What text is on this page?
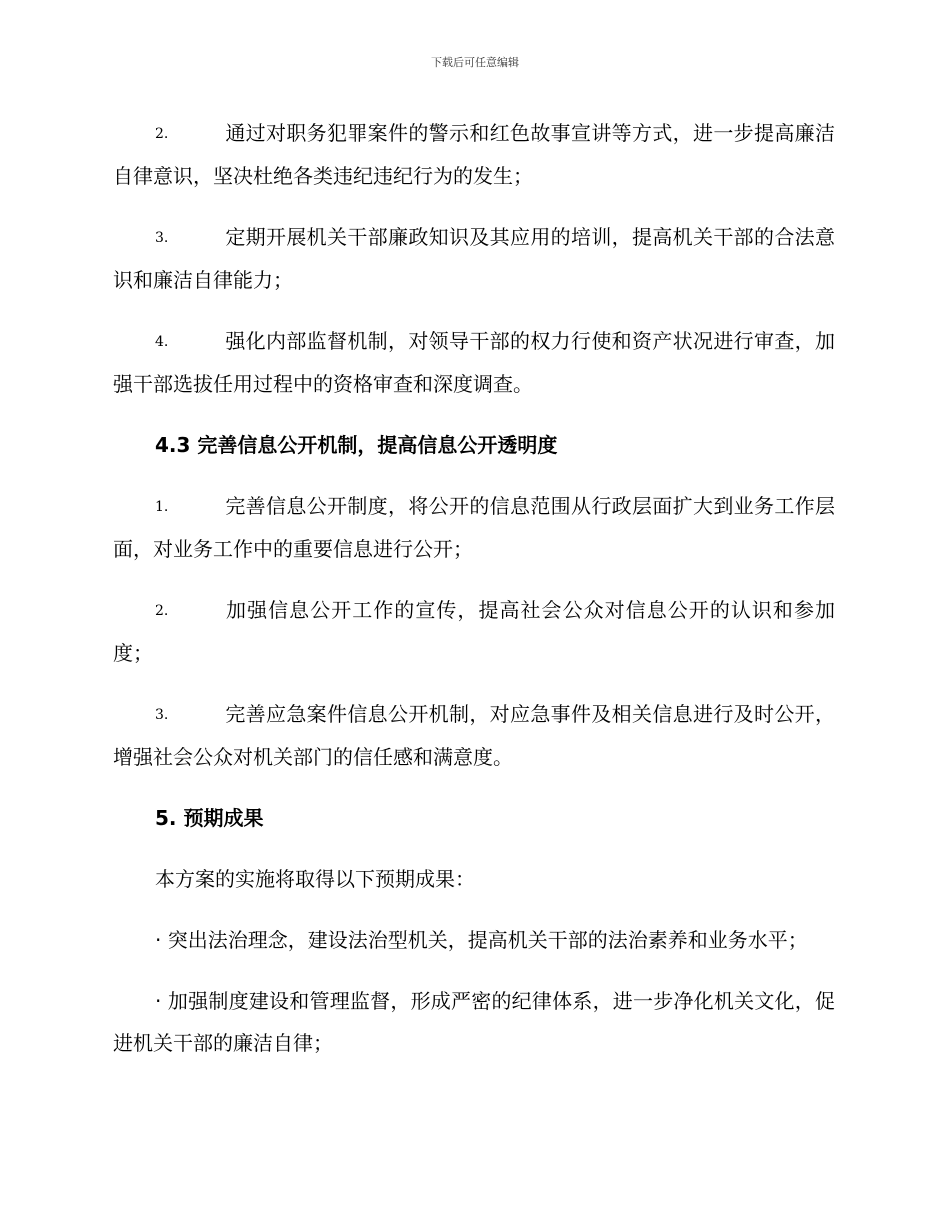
下载后可任意编辑

2.	通过对职务犯罪案件的警示和红色故事宣讲等方式，进一步提高廉洁自律意识，坚决杜绝各类违纪违纪行为的发生；

3.	定期开展机关干部廉政知识及其应用的培训，提高机关干部的合法意识和廉洁自律能力；

4.	强化内部监督机制，对领导干部的权力行使和资产状况进行审查，加强干部选拔任用过程中的资格审查和深度调查。

4.3 完善信息公开机制，提高信息公开透明度

1.	完善信息公开制度，将公开的信息范围从行政层面扩大到业务工作层面，对业务工作中的重要信息进行公开；

2.	加强信息公开工作的宣传，提高社会公众对信息公开的认识和参加度；

3.	完善应急案件信息公开机制，对应急事件及相关信息进行及时公开，增强社会公众对机关部门的信任感和满意度。

5. 预期成果

本方案的实施将取得以下预期成果：

· 突出法治理念，建设法治型机关，提高机关干部的法治素养和业务水平；

· 加强制度建设和管理监督，形成严密的纪律体系，进一步净化机关文化，促进机关干部的廉洁自律；
